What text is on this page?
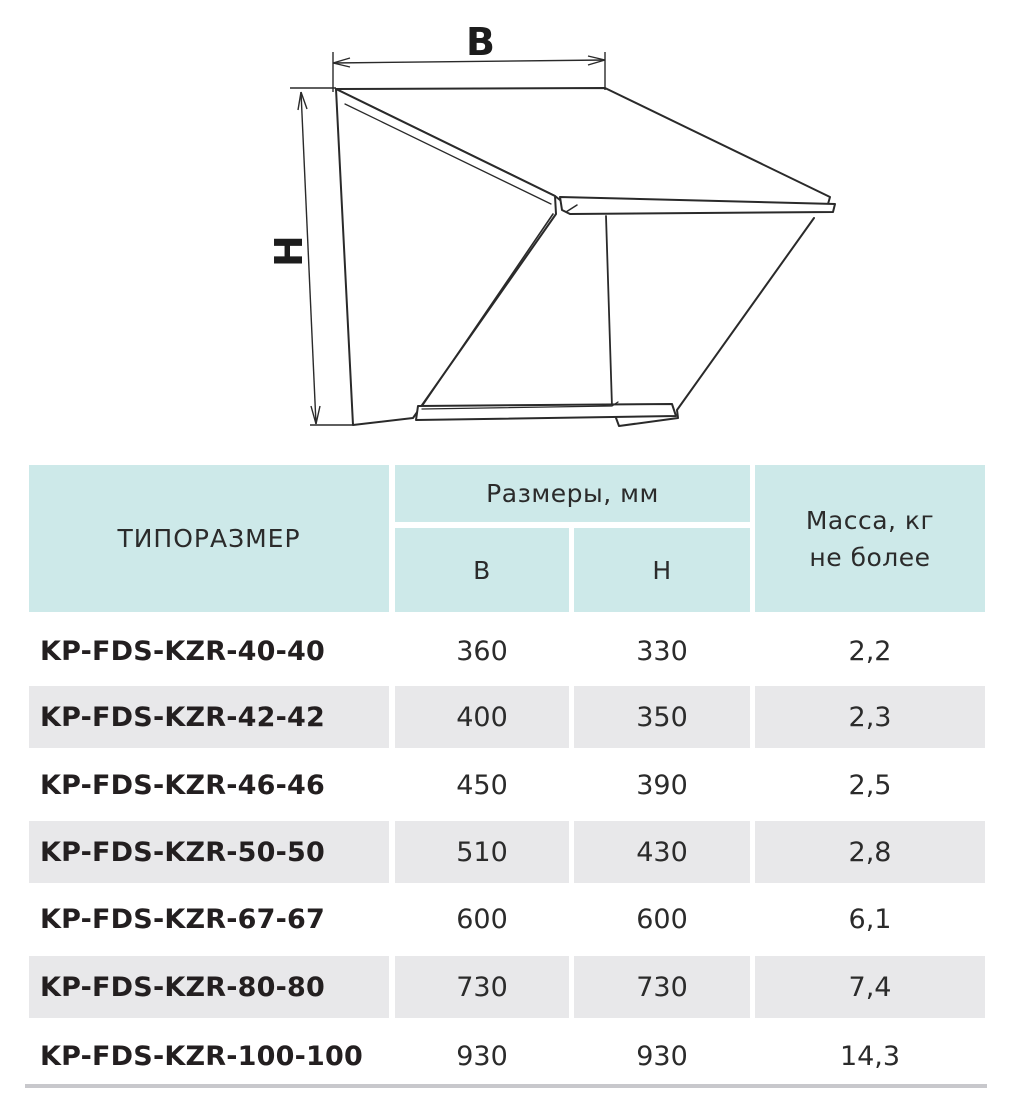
B
H
ТИПОРАЗМЕР
Размеры, мм
В	Н
Масса, кг
не более
KP-FDS-KZR-40-40	360	330	2,2
KP-FDS-KZR-42-42	400	350	2,3
KP-FDS-KZR-46-46	450	390	2,5
KP-FDS-KZR-50-50	510	430	2,8
KP-FDS-KZR-67-67	600	600	6,1
KP-FDS-KZR-80-80	730	730	7,4
KP-FDS-KZR-100-100	930	930	14,3
